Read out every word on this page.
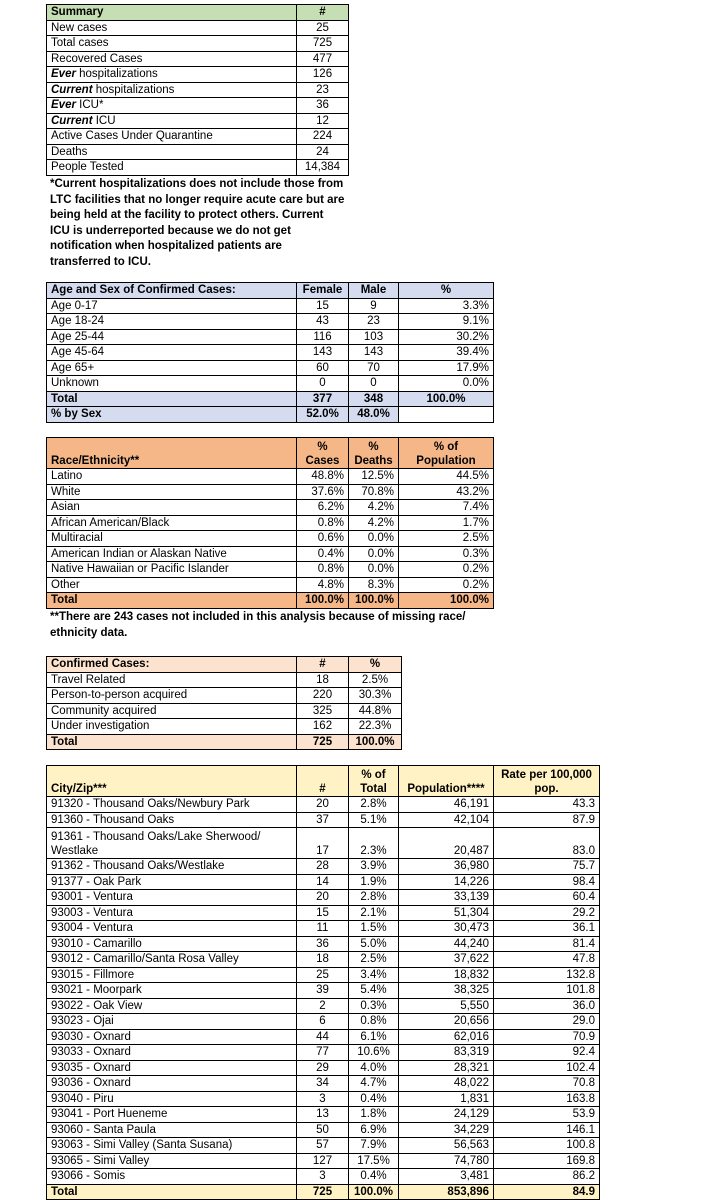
Summary	#
New cases	25
Total cases	725
Recovered Cases	477
Ever hospitalizations	126
Current hospitalizations	23
Ever ICU*	36
Current ICU	12
Active Cases Under Quarantine	224
Deaths	24
People Tested	14,384
*Current hospitalizations does not include those from LTC facilities that no longer require acute care but are being held at the facility to protect others. Current ICU is underreported because we do not get notification when hospitalized patients are transferred to ICU.
Age and Sex of Confirmed Cases:	Female	Male	%
Age 0-17	15	9	3.3%
Age 18-24	43	23	9.1%
Age 25-44	116	103	30.2%
Age 45-64	143	143	39.4%
Age 65+	60	70	17.9%
Unknown	0	0	0.0%
Total	377	348	100.0%
% by Sex	52.0%	48.0%	
Race/Ethnicity**	% Cases	% Deaths	% of Population
Latino	48.8%	12.5%	44.5%
White	37.6%	70.8%	43.2%
Asian	6.2%	4.2%	7.4%
African American/Black	0.8%	4.2%	1.7%
Multiracial	0.6%	0.0%	2.5%
American Indian or Alaskan Native	0.4%	0.0%	0.3%
Native Hawaiian or Pacific Islander	0.8%	0.0%	0.2%
Other	4.8%	8.3%	0.2%
Total	100.0%	100.0%	100.0%
**There are 243 cases not included in this analysis because of missing race/ ethnicity data.
Confirmed Cases:	#	%
Travel Related	18	2.5%
Person-to-person acquired	220	30.3%
Community acquired	325	44.8%
Under investigation	162	22.3%
Total	725	100.0%
City/Zip***	#	% of Total	Population****	Rate per 100,000 pop.
91320 - Thousand Oaks/Newbury Park	20	2.8%	46,191	43.3
91360 - Thousand Oaks	37	5.1%	42,104	87.9
91361 - Thousand Oaks/Lake Sherwood/ Westlake	17	2.3%	20,487	83.0
91362 - Thousand Oaks/Westlake	28	3.9%	36,980	75.7
91377 - Oak Park	14	1.9%	14,226	98.4
93001 - Ventura	20	2.8%	33,139	60.4
93003 - Ventura	15	2.1%	51,304	29.2
93004 - Ventura	11	1.5%	30,473	36.1
93010 - Camarillo	36	5.0%	44,240	81.4
93012 - Camarillo/Santa Rosa Valley	18	2.5%	37,622	47.8
93015 - Fillmore	25	3.4%	18,832	132.8
93021 - Moorpark	39	5.4%	38,325	101.8
93022 - Oak View	2	0.3%	5,550	36.0
93023 - Ojai	6	0.8%	20,656	29.0
93030 - Oxnard	44	6.1%	62,016	70.9
93033 - Oxnard	77	10.6%	83,319	92.4
93035 - Oxnard	29	4.0%	28,321	102.4
93036 - Oxnard	34	4.7%	48,022	70.8
93040 - Piru	3	0.4%	1,831	163.8
93041 - Port Hueneme	13	1.8%	24,129	53.9
93060 - Santa Paula	50	6.9%	34,229	146.1
93063 - Simi Valley (Santa Susana)	57	7.9%	56,563	100.8
93065 - Simi Valley	127	17.5%	74,780	169.8
93066 - Somis	3	0.4%	3,481	86.2
Total	725	100.0%	853,896	84.9
